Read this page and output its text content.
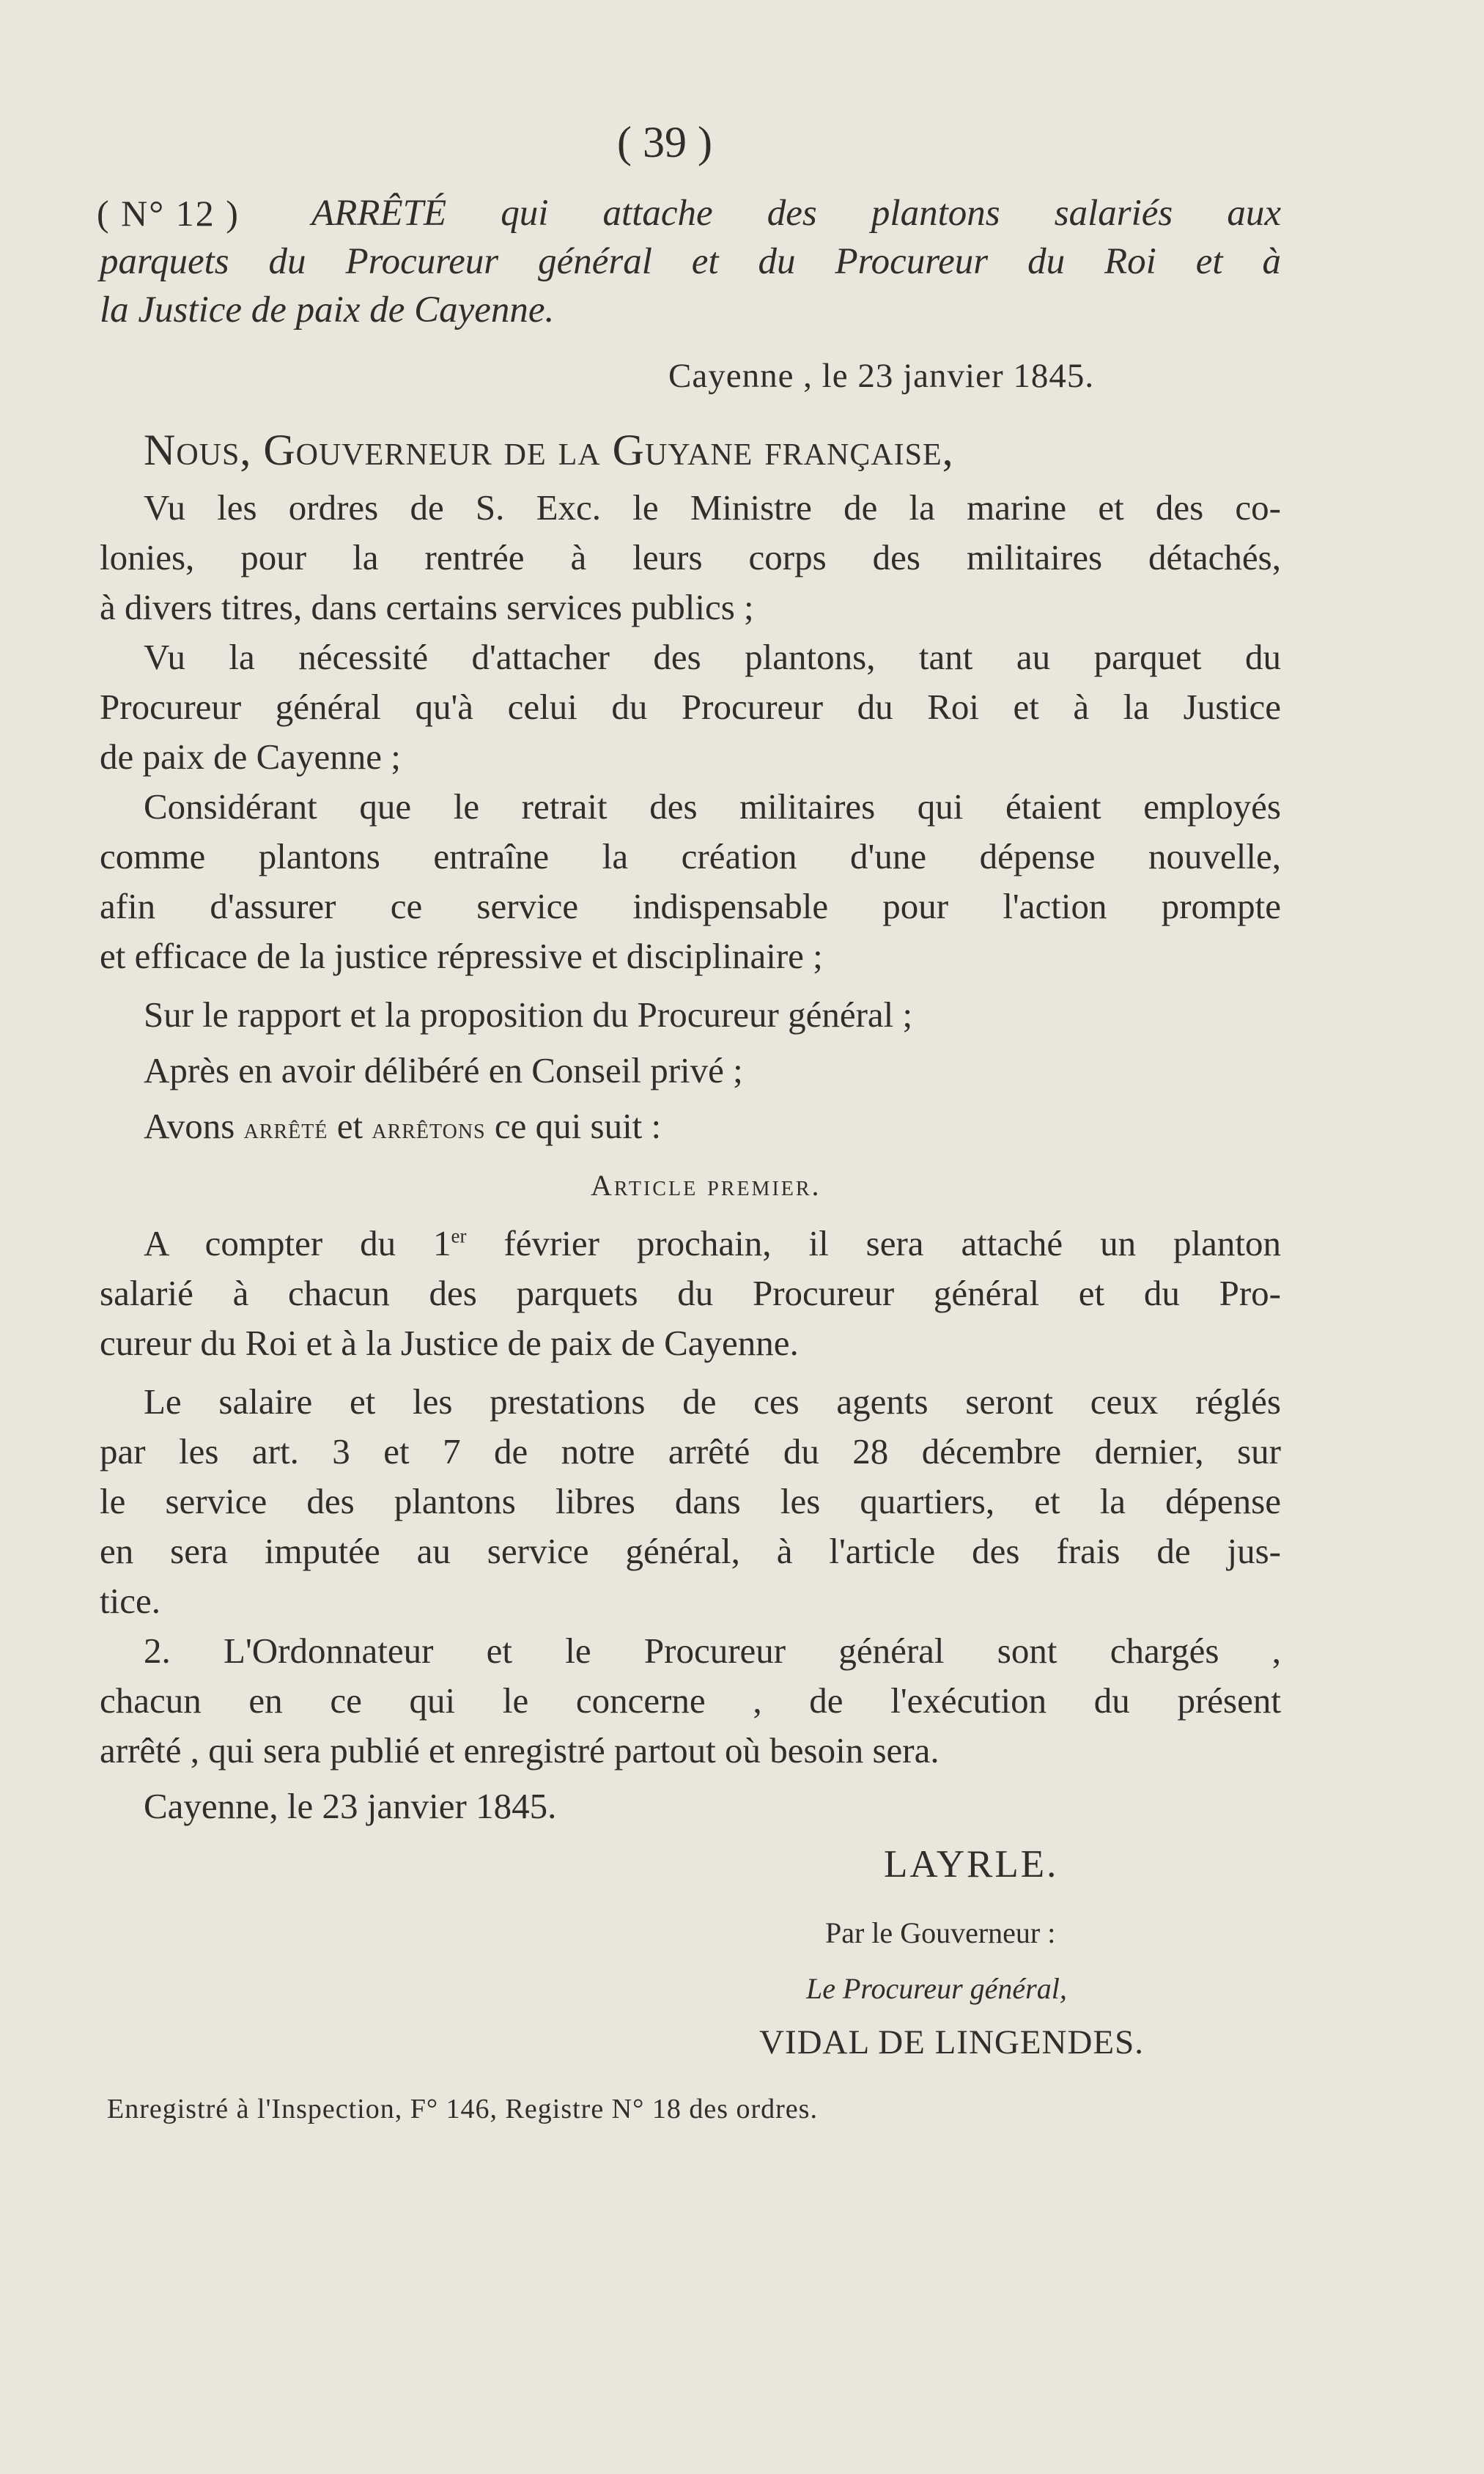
( 39 )
( N° 12 ) ARRÊTÉ qui attache des plantons salariés aux
parquets du Procureur général et du Procureur du Roi et à
la Justice de paix de Cayenne.
Cayenne , le 23 janvier 1845.
Nous, Gouverneur de la Guyane française,
Vu les ordres de S. Exc. le Ministre de la marine et des co-
lonies, pour la rentrée à leurs corps des militaires détachés,
à divers titres, dans certains services publics ;
Vu la nécessité d'attacher des plantons, tant au parquet du
Procureur général qu'à celui du Procureur du Roi et à la Justice
de paix de Cayenne ;
Considérant que le retrait des militaires qui étaient employés
comme plantons entraîne la création d'une dépense nouvelle,
afin d'assurer ce service indispensable pour l'action prompte
et efficace de la justice répressive et disciplinaire ;
Sur le rapport et la proposition du Procureur général ;
Après en avoir délibéré en Conseil privé ;
Avons arrêté et arrêtons ce qui suit :
Article premier.
A compter du 1er février prochain, il sera attaché un planton
salarié à chacun des parquets du Procureur général et du Pro-
cureur du Roi et à la Justice de paix de Cayenne.
Le salaire et les prestations de ces agents seront ceux réglés
par les art. 3 et 7 de notre arrêté du 28 décembre dernier, sur
le service des plantons libres dans les quartiers, et la dépense
en sera imputée au service général, à l'article des frais de jus-
tice.
2. L'Ordonnateur et le Procureur général sont chargés ,
chacun en ce qui le concerne , de l'exécution du présent
arrêté , qui sera publié et enregistré partout où besoin sera.
Cayenne, le 23 janvier 1845.
LAYRLE.
Par le Gouverneur :
Le Procureur général,
VIDAL DE LINGENDES.
Enregistré à l'Inspection, F° 146, Registre N° 18 des ordres.
